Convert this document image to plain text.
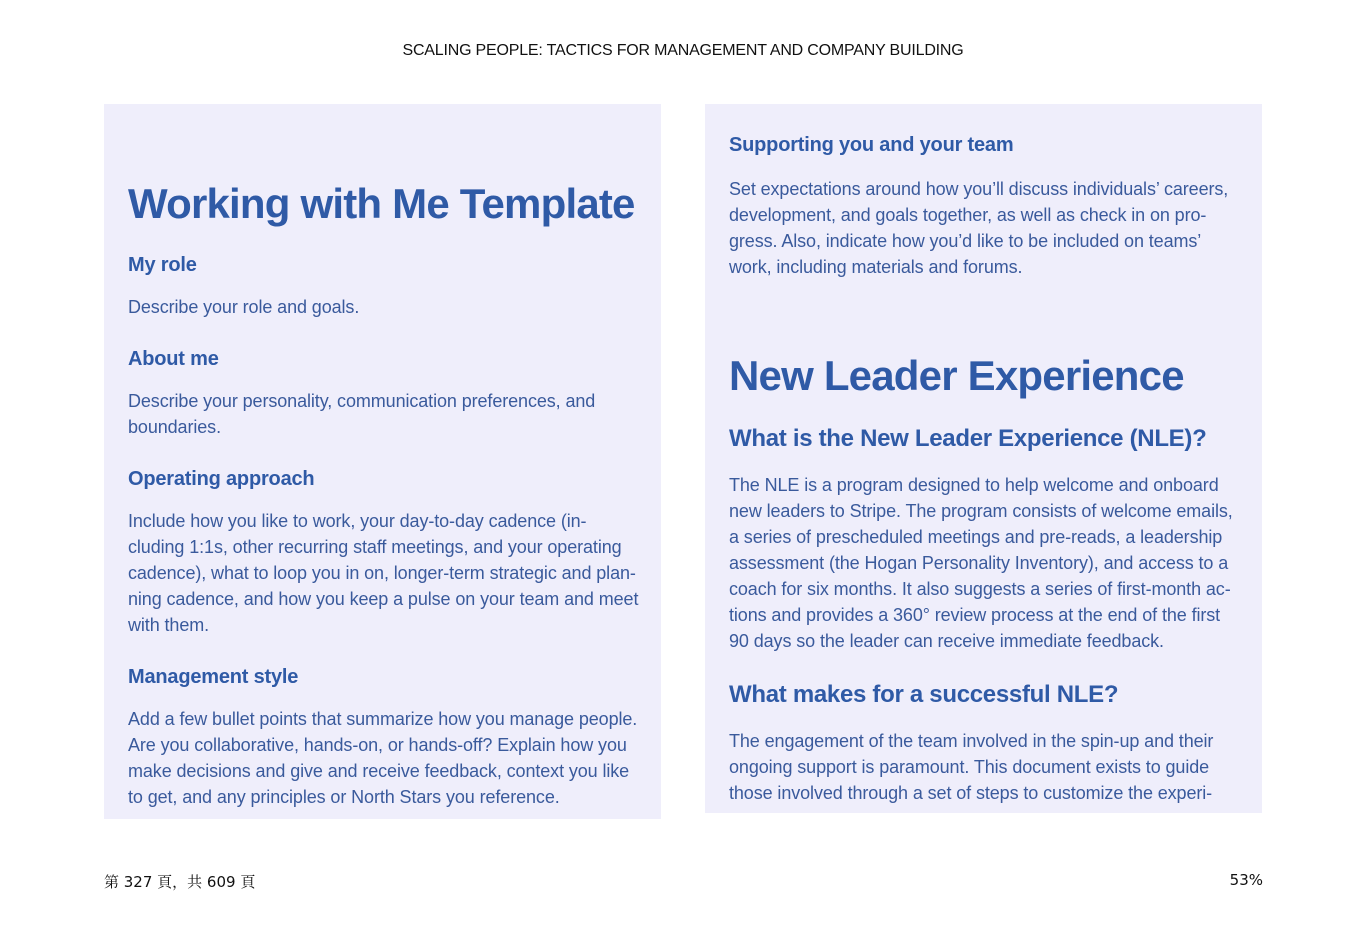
SCALING PEOPLE: TACTICS FOR MANAGEMENT AND COMPANY BUILDING
Working with Me Template
My role

Describe your role and goals.

About me

Describe your personality, communication preferences, and
boundaries.

Operating approach

Include how you like to work, your day-to-day cadence (in-
cluding 1:1s, other recurring staff meetings, and your operating
cadence), what to loop you in on, longer-term strategic and plan-
ning cadence, and how you keep a pulse on your team and meet
with them.

Management style

Add a few bullet points that summarize how you manage people.
Are you collaborative, hands-on, or hands-off? Explain how you
make decisions and give and receive feedback, context you like
to get, and any principles or North Stars you reference.

Supporting you and your team

Set expectations around how you’ll discuss individuals’ careers,
development, and goals together, as well as check in on pro-
gress. Also, indicate how you’d like to be included on teams’
work, including materials and forums.

New Leader Experience
What is the New Leader Experience (NLE)?

The NLE is a program designed to help welcome and onboard
new leaders to Stripe. The program consists of welcome emails,
a series of prescheduled meetings and pre-reads, a leadership
assessment (the Hogan Personality Inventory), and access to a
coach for six months. It also suggests a series of first-month ac-
tions and provides a 360° review process at the end of the first
90 days so the leader can receive immediate feedback.

What makes for a successful NLE?

The engagement of the team involved in the spin-up and their
ongoing support is paramount. This document exists to guide
those involved through a set of steps to customize the experi-

第 327 頁，共 609 頁	53%
